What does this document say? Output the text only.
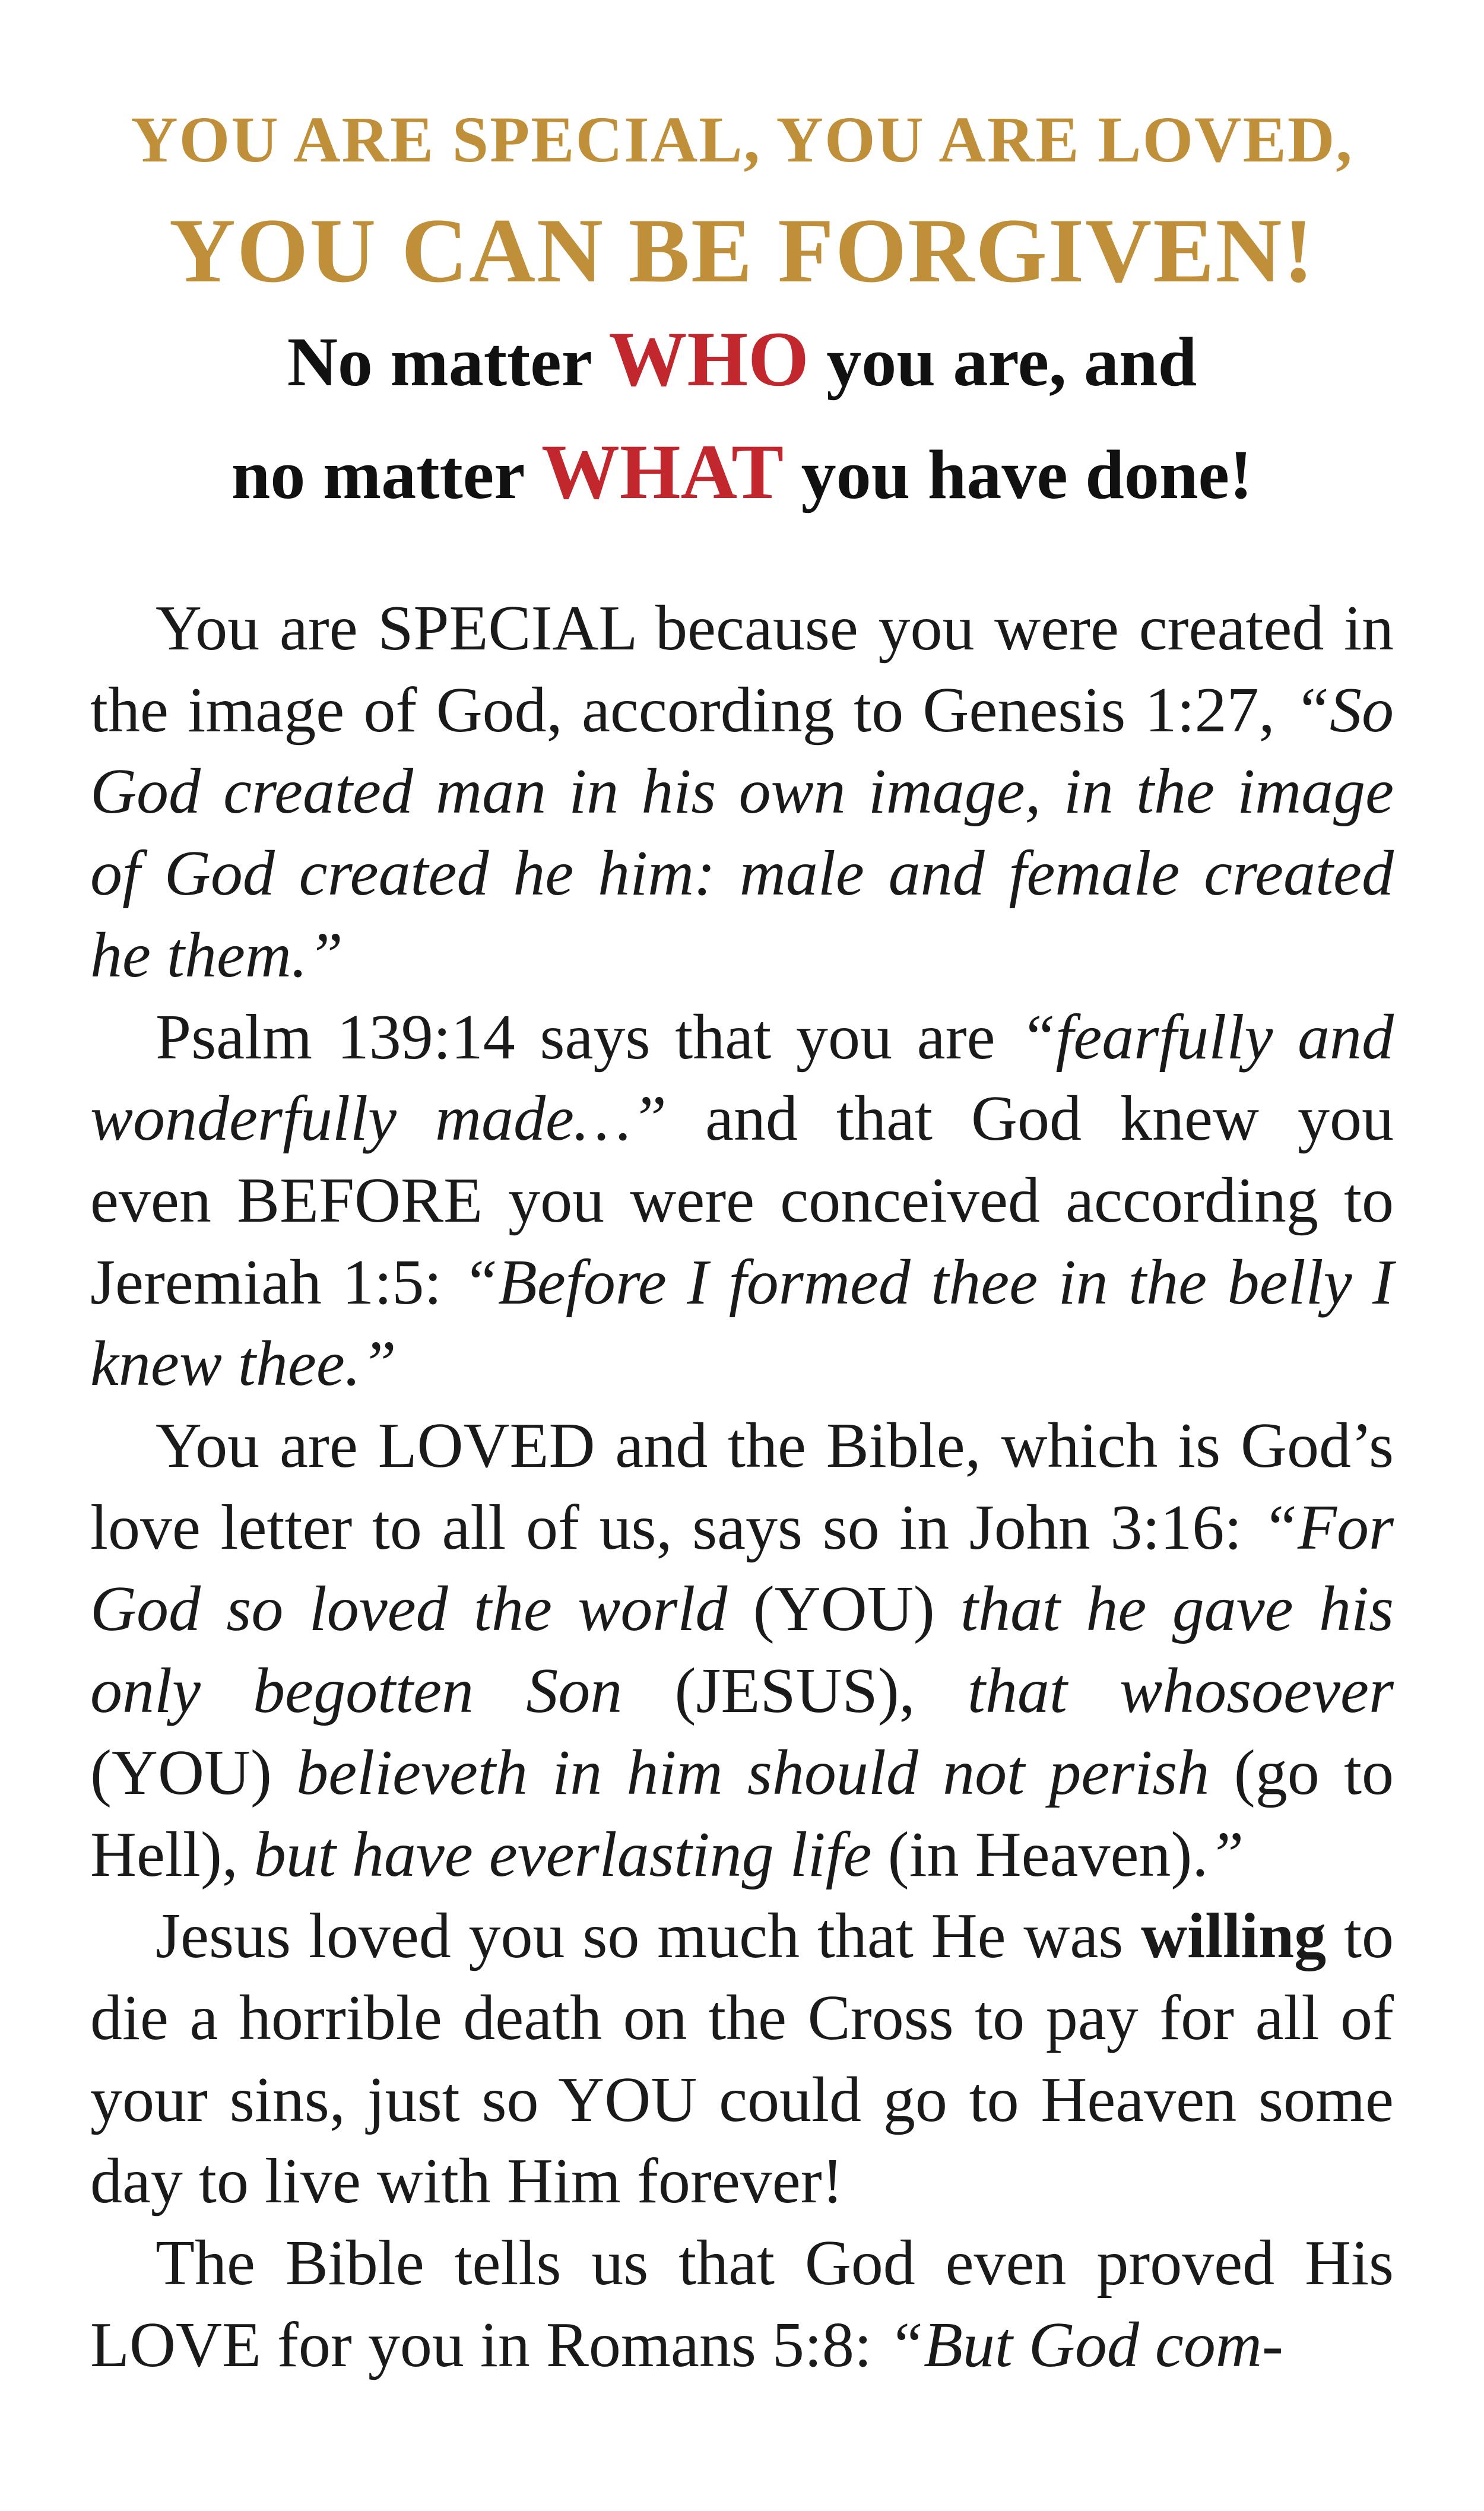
YOU ARE SPECIAL, YOU ARE LOVED,
YOU CAN BE FORGIVEN!
No matter WHO you are, and
no matter WHAT you have done!

You are SPECIAL because you were created in the image of God, according to Genesis 1:27, “So God created man in his own image, in the image of God created he him: male and female created he them.”

Psalm 139:14 says that you are “fearfully and wonderfully made…” and that God knew you even BEFORE you were conceived according to Jeremiah 1:5: “Before I formed thee in the belly I knew thee.”

You are LOVED and the Bible, which is God’s love letter to all of us, says so in John 3:16: “For God so loved the world (YOU) that he gave his only begotten Son (JESUS), that whosoever (YOU) believeth in him should not perish (go to Hell), but have everlasting life (in Heaven).”

Jesus loved you so much that He was willing to die a horrible death on the Cross to pay for all of your sins, just so YOU could go to Heaven some day to live with Him forever!

The Bible tells us that God even proved His LOVE for you in Romans 5:8: “But God com-
